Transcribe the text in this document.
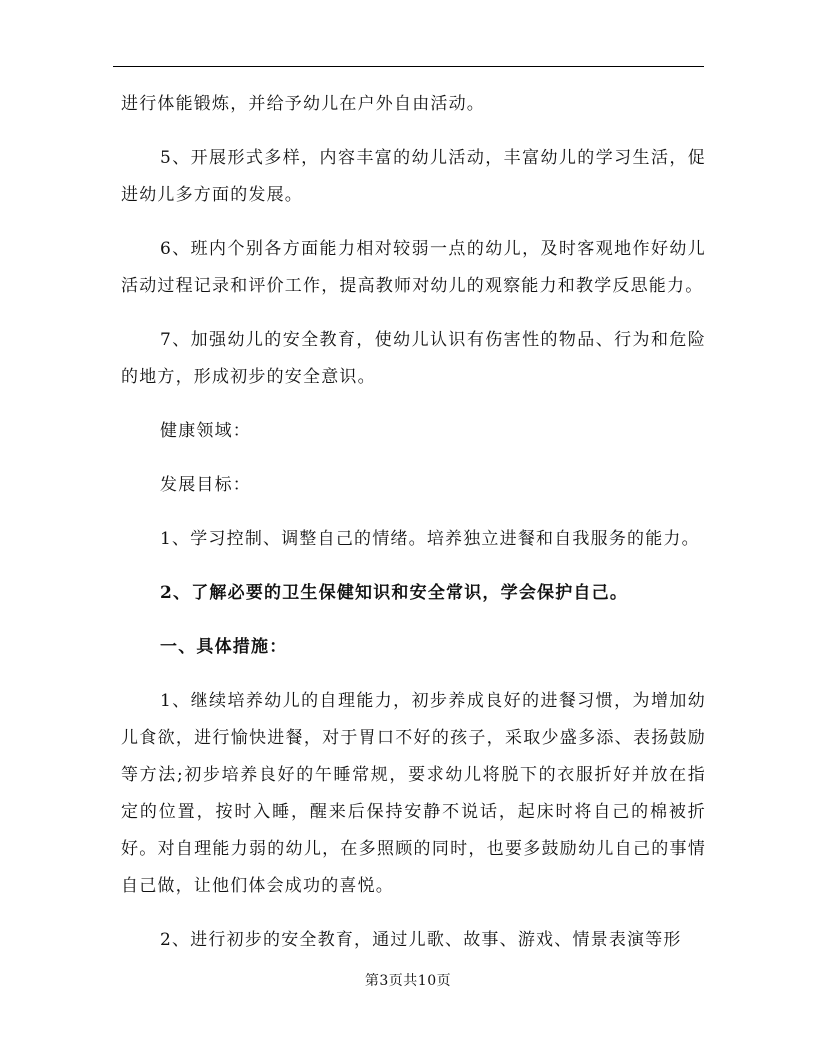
进行体能锻炼，并给予幼儿在户外自由活动。

5、开展形式多样，内容丰富的幼儿活动，丰富幼儿的学习生活，促进幼儿多方面的发展。

6、班内个别各方面能力相对较弱一点的幼儿，及时客观地作好幼儿活动过程记录和评价工作，提高教师对幼儿的观察能力和教学反思能力。

7、加强幼儿的安全教育，使幼儿认识有伤害性的物品、行为和危险的地方，形成初步的安全意识。

健康领域：

发展目标：

1、学习控制、调整自己的情绪。培养独立进餐和自我服务的能力。

2、了解必要的卫生保健知识和安全常识，学会保护自己。

一、具体措施：

1、继续培养幼儿的自理能力，初步养成良好的进餐习惯，为增加幼儿食欲，进行愉快进餐，对于胃口不好的孩子，采取少盛多添、表扬鼓励等方法;初步培养良好的午睡常规，要求幼儿将脱下的衣服折好并放在指定的位置，按时入睡，醒来后保持安静不说话，起床时将自己的棉被折好。对自理能力弱的幼儿，在多照顾的同时，也要多鼓励幼儿自己的事情自己做，让他们体会成功的喜悦。

2、进行初步的安全教育，通过儿歌、故事、游戏、情景表演等形

第3页共10页
